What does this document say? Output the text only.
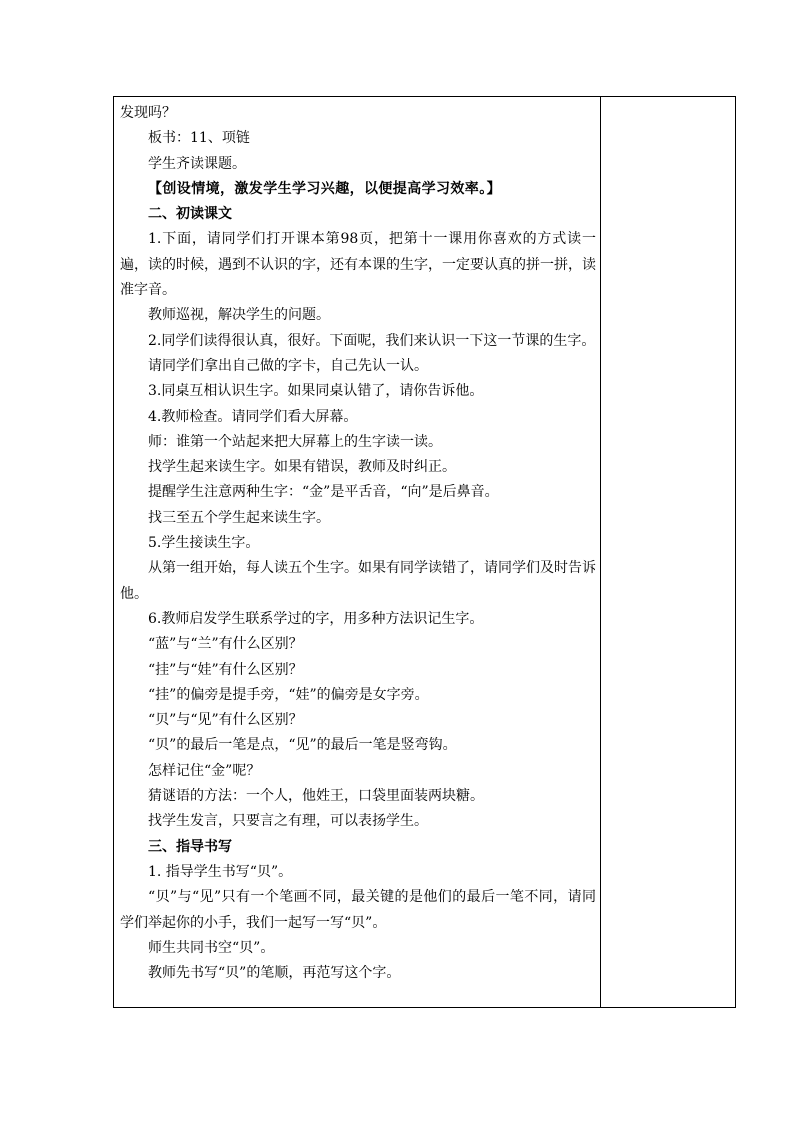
发现吗？

板书：11、项链

学生齐读课题。

【创设情境，激发学生学习兴趣，以便提高学习效率。】

二、初读课文

1.下面，请同学们打开课本第98页，把第十一课用你喜欢的方式读一遍，读的时候，遇到不认识的字，还有本课的生字，一定要认真的拼一拼，读准字音。

教师巡视，解决学生的问题。

2.同学们读得很认真，很好。下面呢，我们来认识一下这一节课的生字。

请同学们拿出自己做的字卡，自己先认一认。

3.同桌互相认识生字。如果同桌认错了，请你告诉他。

4.教师检查。请同学们看大屏幕。

师：谁第一个站起来把大屏幕上的生字读一读。

找学生起来读生字。如果有错误，教师及时纠正。

提醒学生注意两种生字：“金”是平舌音，“向”是后鼻音。

找三至五个学生起来读生字。

5.学生接读生字。

从第一组开始，每人读五个生字。如果有同学读错了，请同学们及时告诉他。

6.教师启发学生联系学过的字，用多种方法识记生字。

“蓝”与“兰”有什么区别？

“挂”与“娃”有什么区别？

“挂”的偏旁是提手旁，“娃”的偏旁是女字旁。

“贝”与“见”有什么区别？

“贝”的最后一笔是点，“见”的最后一笔是竖弯钩。

怎样记住“金”呢？

猜谜语的方法：一个人，他姓王，口袋里面装两块糖。

找学生发言，只要言之有理，可以表扬学生。

三、指导书写

1. 指导学生书写“贝”。

“贝”与“见”只有一个笔画不同，最关键的是他们的最后一笔不同，请同学们举起你的小手，我们一起写一写“贝”。

师生共同书空“贝”。

教师先书写“贝”的笔顺，再范写这个字。
